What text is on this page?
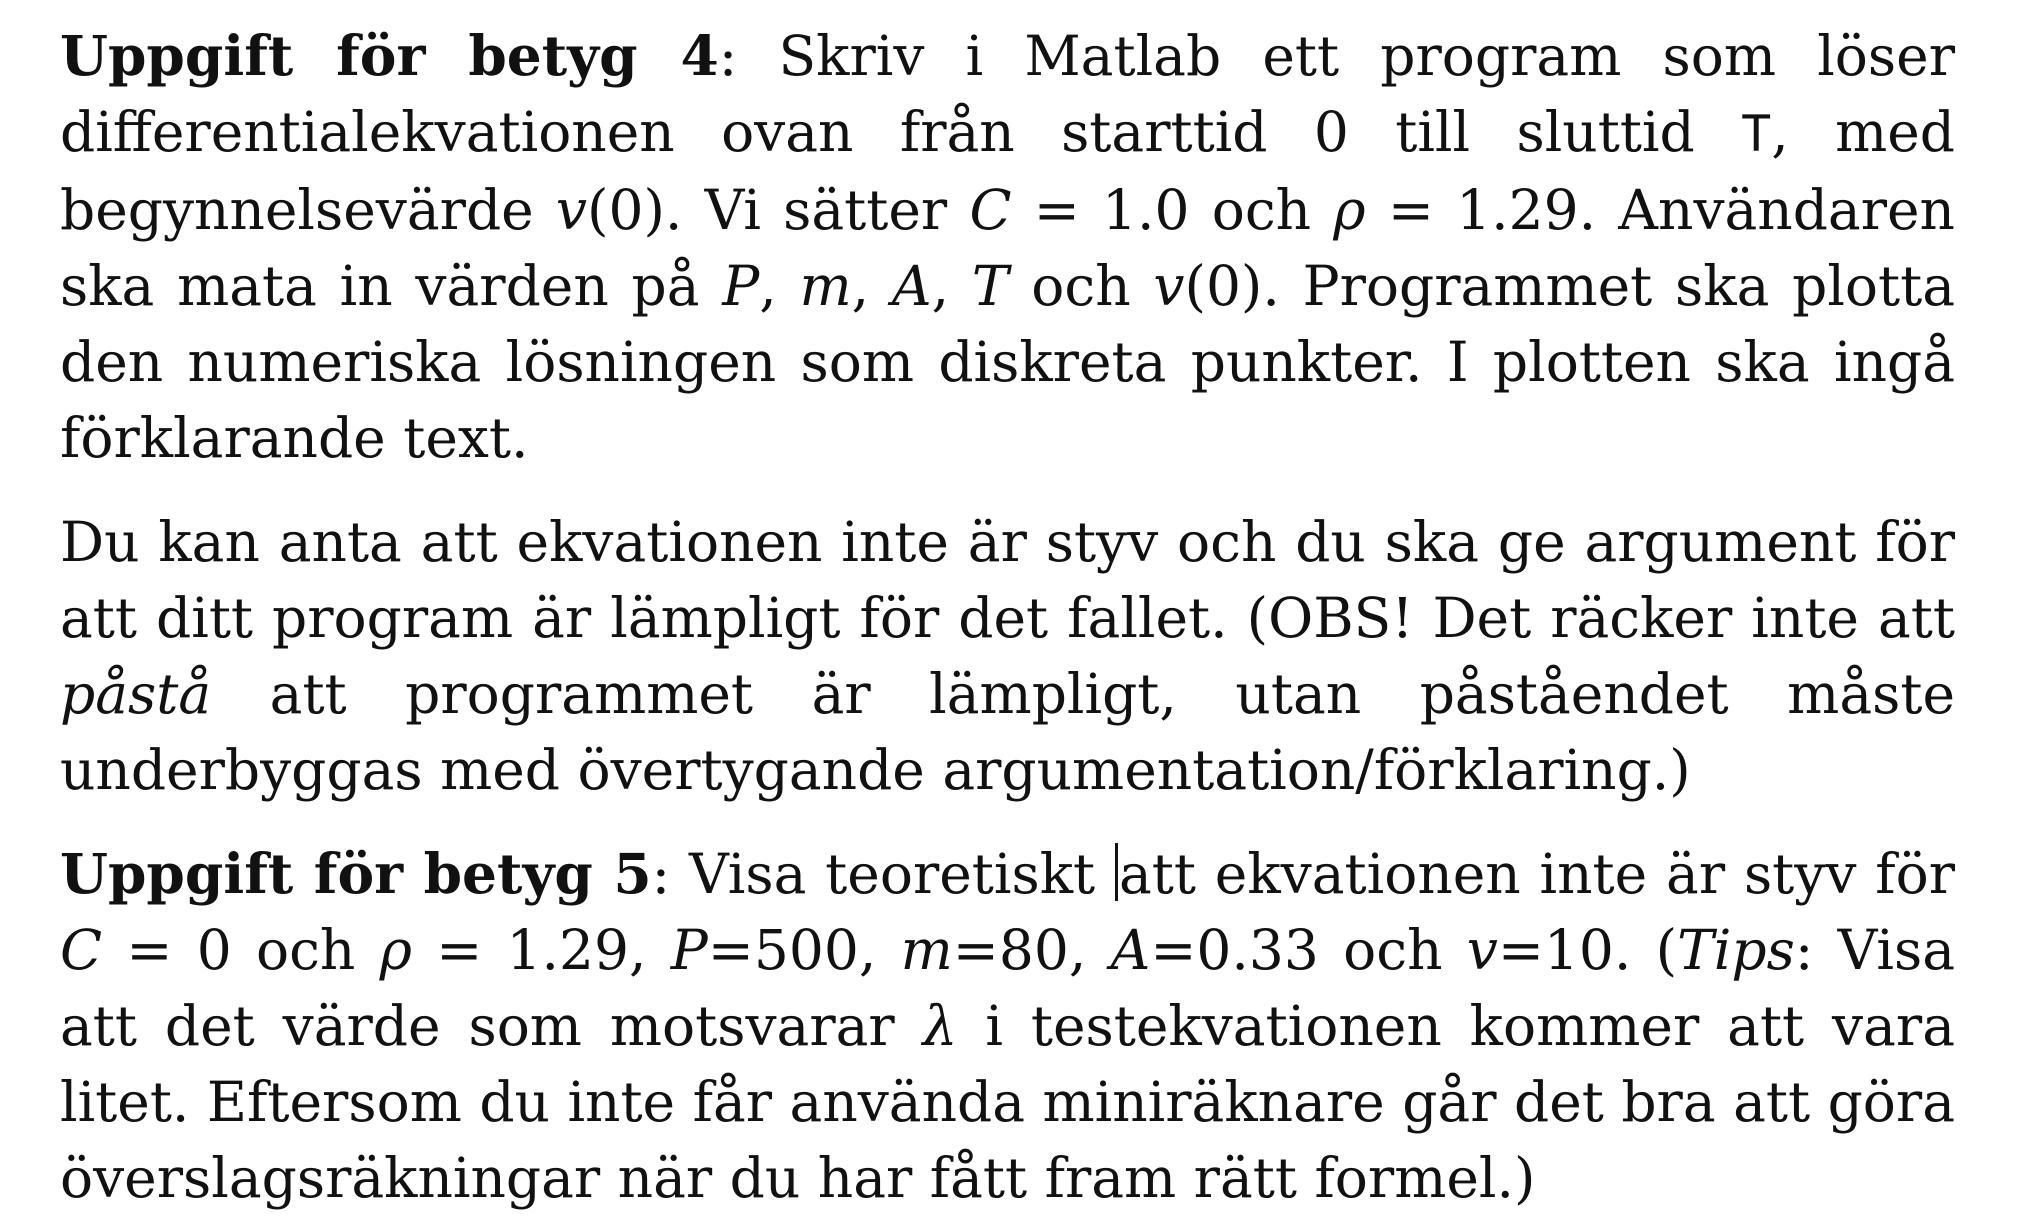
Uppgift för betyg 4: Skriv i Matlab ett program som löser differentialekvationen ovan från starttid 0 till sluttid T, med begynnelsevärde v(0). Vi sätter C = 1.0 och ρ = 1.29. Användaren ska mata in värden på P, m, A, T och v(0). Programmet ska plotta den numeriska lösningen som diskreta punkter. I plotten ska ingå förklarande text.

Du kan anta att ekvationen inte är styv och du ska ge argument för att ditt program är lämpligt för det fallet. (OBS! Det räcker inte att påstå att programmet är lämpligt, utan påståendet måste underbyggas med övertygande argumentation/förklaring.)

Uppgift för betyg 5: Visa teoretiskt att ekvationen inte är styv för C = 0 och ρ = 1.29, P=500, m=80, A=0.33 och v=10. (Tips: Visa att det värde som motsvarar λ i testekvationen kommer att vara litet. Eftersom du inte får använda miniräknare går det bra att göra överslagsräkningar när du har fått fram rätt formel.)
